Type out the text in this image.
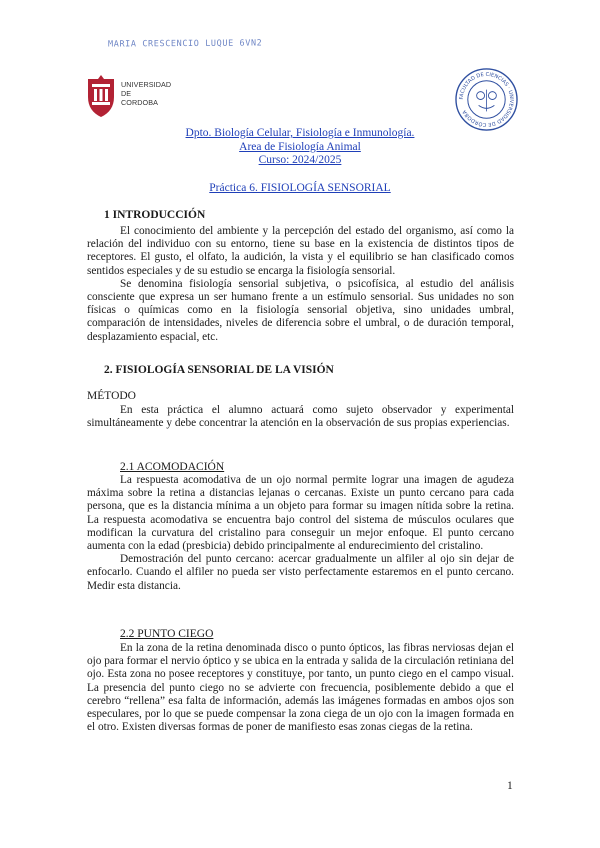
MARIA CRESCENCIO LUQUE 6VN2
UNIVERSIDAD
DE
CORDOBA	FACULTAD DE CIENCIAS · UNIVERSIDAD DE CÓRDOBA
Dpto. Biología Celular, Fisiología e Inmunología.
Area de Fisiología Animal
Curso: 2024/2025
Práctica 6. FISIOLOGÍA SENSORIAL
1 INTRODUCCIÓN

El conocimiento del ambiente y la percepción del estado del organismo, así como la relación del individuo con su entorno, tiene su base en la existencia de distintos tipos de receptores. El gusto, el olfato, la audición, la vista y el equilibrio se han clasificado comos sentidos especiales y de su estudio se encarga la fisiología sensorial.

Se denomina fisiología sensorial subjetiva, o psicofísica, al estudio del análisis consciente que expresa un ser humano frente a un estímulo sensorial. Sus unidades no son físicas o químicas como en la fisiología sensorial objetiva, sino unidades umbral, comparación de intensidades, niveles de diferencia sobre el umbral, o de duración temporal, desplazamiento espacial, etc.

2. FISIOLOGÍA SENSORIAL DE LA VISIÓN
MÉTODO

En esta práctica el alumno actuará como sujeto observador y experimental simultáneamente y debe concentrar la atención en la observación de sus propias experiencias.

2.1 ACOMODACIÓN

La respuesta acomodativa de un ojo normal permite lograr una imagen de agudeza máxima sobre la retina a distancias lejanas o cercanas. Existe un punto cercano para cada persona, que es la distancia mínima a un objeto para formar su imagen nítida sobre la retina. La respuesta acomodativa se encuentra bajo control del sistema de músculos oculares que modifican la curvatura del cristalino para conseguir un mejor enfoque. El punto cercano aumenta con la edad (presbicia) debido principalmente al endurecimiento del cristalino.

Demostración del punto cercano: acercar gradualmente un alfiler al ojo sin dejar de enfocarlo. Cuando el alfiler no pueda ser visto perfectamente estaremos en el punto cercano. Medir esta distancia.

2.2 PUNTO CIEGO

En la zona de la retina denominada disco o punto ópticos, las fibras nerviosas dejan el ojo para formar el nervio óptico y se ubica en la entrada y salida de la circulación retiniana del ojo. Esta zona no posee receptores y constituye, por tanto, un punto ciego en el campo visual. La presencia del punto ciego no se advierte con frecuencia, posiblemente debido a que el cerebro “rellena” esa falta de información, además las imágenes formadas en ambos ojos son especulares, por lo que se puede compensar la zona ciega de un ojo con la imagen formada en el otro. Existen diversas formas de poner de manifiesto esas zonas ciegas de la retina.

1
